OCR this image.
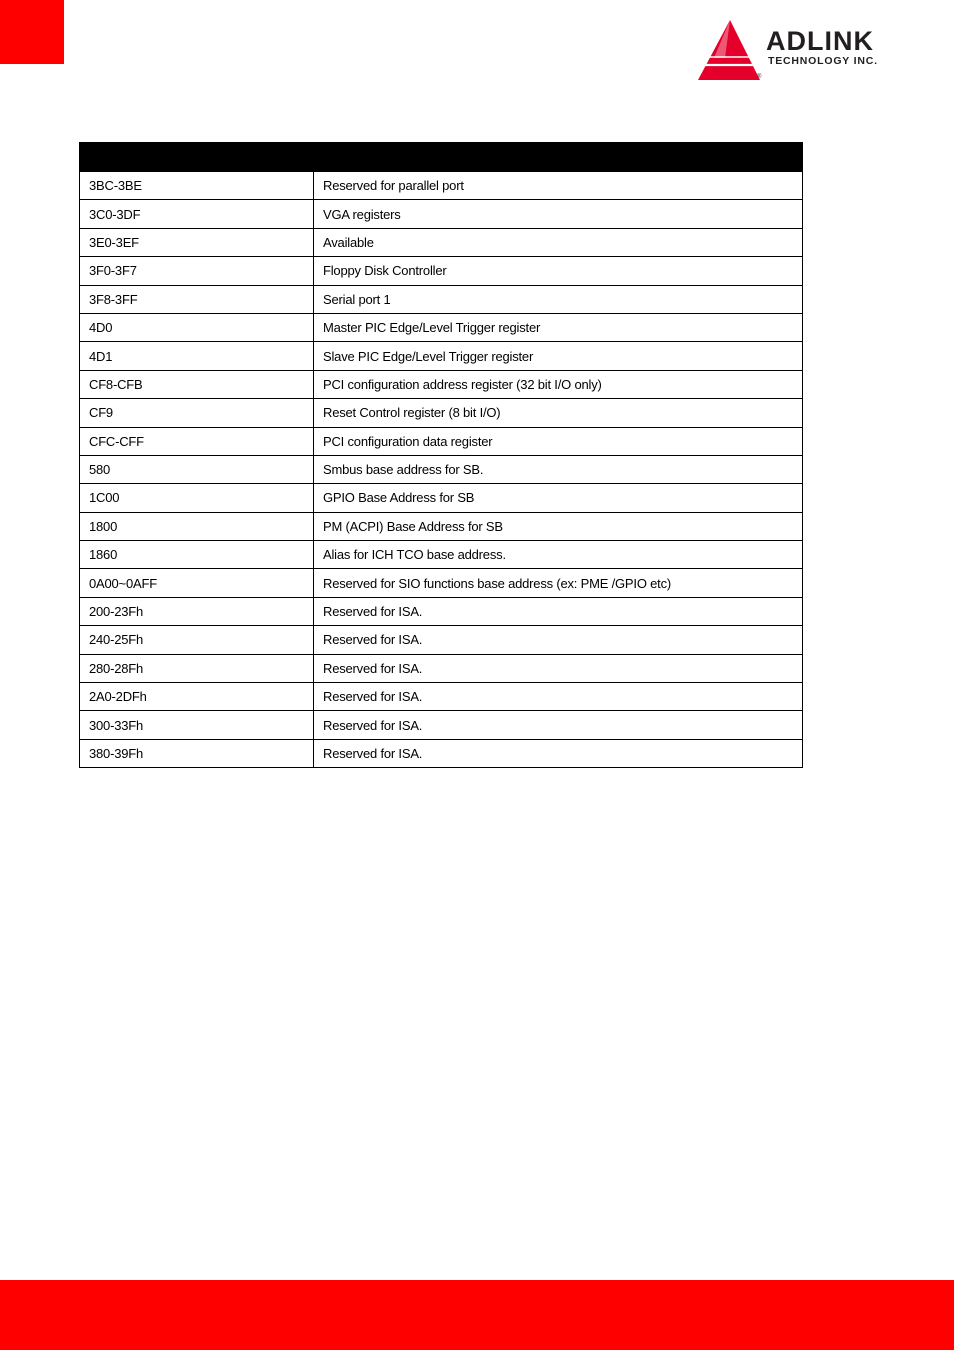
ADLINK
TECHNOLOGY INC.
®

3BC-3BE	Reserved for parallel port
3C0-3DF	VGA registers
3E0-3EF	Available
3F0-3F7	Floppy Disk Controller
3F8-3FF	Serial port 1
4D0	Master PIC Edge/Level Trigger register
4D1	Slave PIC Edge/Level Trigger register
CF8-CFB	PCI configuration address register (32 bit I/O only)
CF9	Reset Control register (8 bit I/O)
CFC-CFF	PCI configuration data register
580	Smbus base address for SB.
1C00	GPIO Base Address for SB
1800	PM (ACPI) Base Address for SB
1860	Alias for ICH TCO base address.
0A00~0AFF	Reserved for SIO functions base address (ex: PME /GPIO etc)
200-23Fh	Reserved for ISA.
240-25Fh	Reserved for ISA.
280-28Fh	Reserved for ISA.
2A0-2DFh	Reserved for ISA.
300-33Fh	Reserved for ISA.
380-39Fh	Reserved for ISA.
